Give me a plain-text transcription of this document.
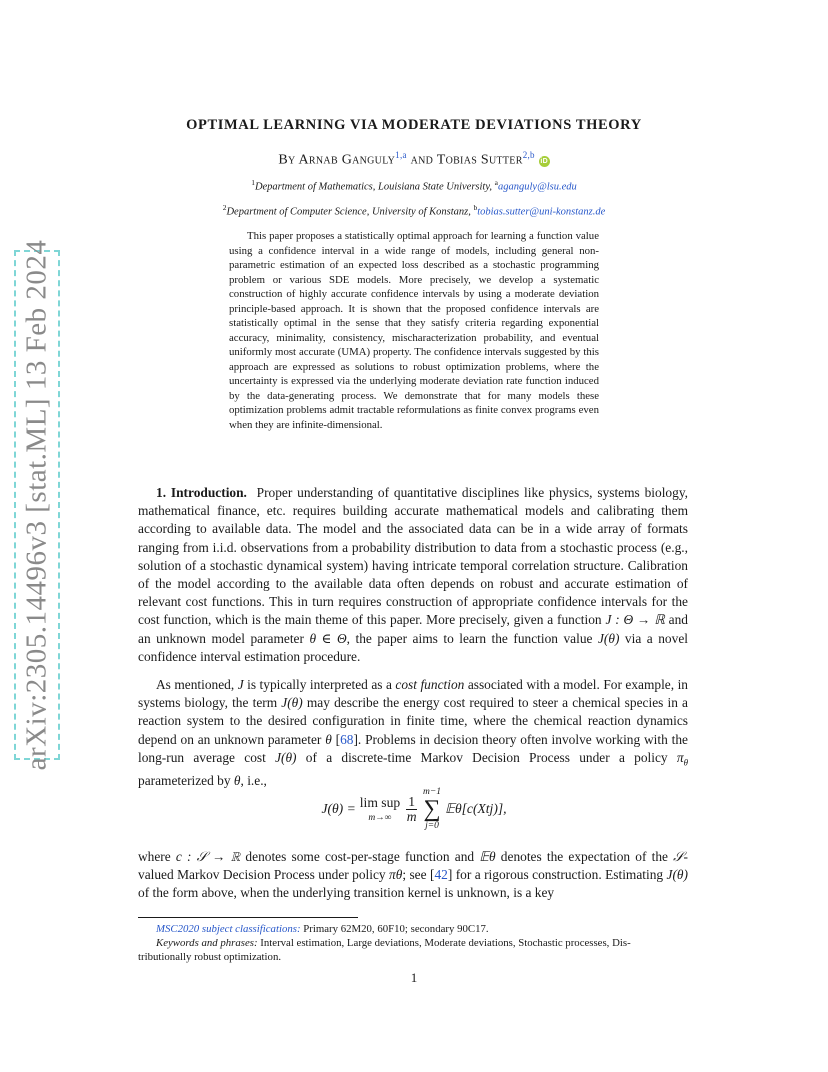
arXiv:2305.14496v3 [stat.ML] 13 Feb 2024
OPTIMAL LEARNING VIA MODERATE DEVIATIONS THEORY
By Arnab Ganguly$^{1,a}$ and Tobias Sutter$^{2,b}$ iD
$^1$Department of Mathematics, Louisiana State University, $^a$aganguly@lsu.edu
$^2$Department of Computer Science, University of Konstanz, $^b$tobias.sutter@uni-konstanz.de
This paper proposes a statistically optimal approach for learning a function value using a confidence interval in a wide range of models, including general non-parametric estimation of an expected loss described as a stochastic programming problem or various SDE models. More precisely, we develop a systematic construction of highly accurate confidence intervals by using a moderate deviation principle-based approach. It is shown that the proposed confidence intervals are statistically optimal in the sense that they satisfy criteria regarding exponential accuracy, minimality, consistency, mischaracterization probability, and eventual uniformly most accurate (UMA) property. The confidence intervals suggested by this approach are expressed as solutions to robust optimization problems, where the uncertainty is expressed via the underlying moderate deviation rate function induced by the data-generating process. We demonstrate that for many models these optimization problems admit tractable reformulations as finite convex programs even when they are infinite-dimensional.
1. Introduction. Proper understanding of quantitative disciplines like physics, systems biology, mathematical finance, etc. requires building accurate mathematical models and calibrating them according to available data. The model and the associated data can be in a wide array of formats ranging from i.i.d. observations from a probability distribution to data from a stochastic process (e.g., solution of a stochastic dynamical system) having intricate temporal correlation structure. Calibration of the model according to the available data often depends on robust and accurate estimation of relevant cost functions. This in turn requires construction of appropriate confidence intervals for the cost function, which is the main theme of this paper. More precisely, given a function J : Θ → ℝ and an unknown model parameter θ ∈ Θ, the paper aims to learn the function value J(θ) via a novel confidence interval estimation procedure.
As mentioned, J is typically interpreted as a cost function associated with a model. For example, in systems biology, the term J(θ) may describe the energy cost required to steer a chemical species in a reaction system to the desired configuration in finite time, where the chemical reaction dynamics depend on an unknown parameter θ [68]. Problems in decision theory often involve working with the long-run average cost J(θ) of a discrete-time Markov Decision Process under a policy $\pi_\theta$ parameterized by θ, i.e.,
J(θ) = lim sup
$m\to\infty \frac{1}{m}$
m−1
∑
j=0
𝔼θ[c(Xtj)],
where c : 𝒮 → ℝ denotes some cost-per-stage function and 𝔼θ denotes the expectation of the 𝒮-valued Markov Decision Process under policy πθ; see [42] for a rigorous construction. Estimating J(θ) of the form above, when the underlying transition kernel is unknown, is a key
MSC2020 subject classifications: Primary 62M20, 60F10; secondary 90C17.
Keywords and phrases: Interval estimation, Large deviations, Moderate deviations, Stochastic processes, Dis-
tributionally robust optimization.
1
